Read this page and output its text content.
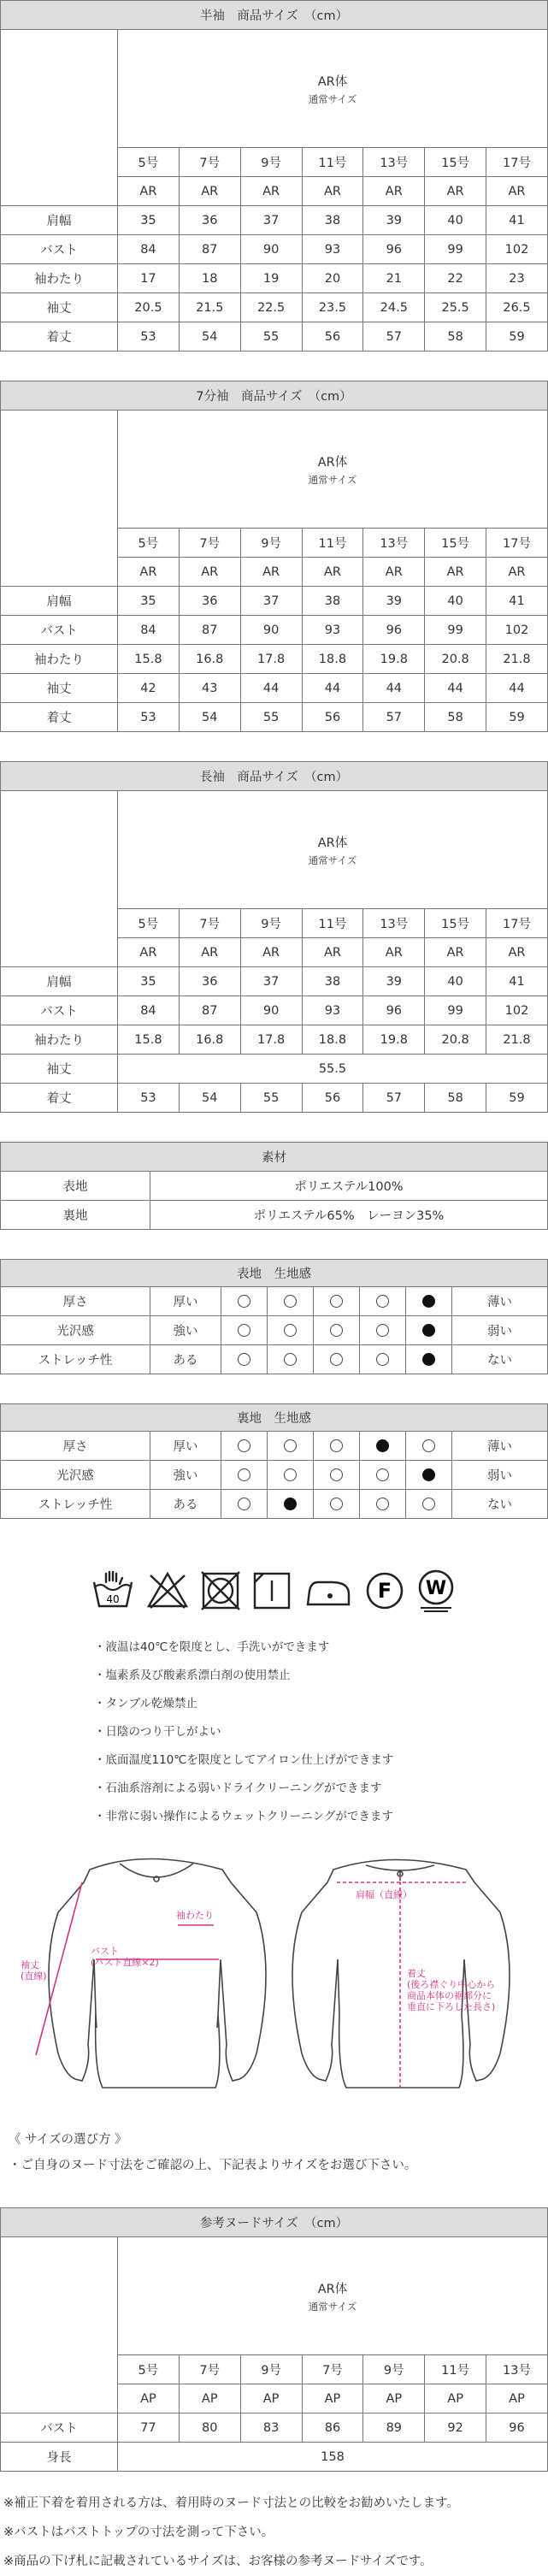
半袖　商品サイズ　（cm）							
	AR体
通常サイズ						

	5号	7号	9号	11号	13号	15号	17号
	AR	AR	AR	AR	AR	AR	AR
肩幅	35	36	37	38	39	40	41
バスト	84	87	90	93	96	99	102
袖わたり	17	18	19	20	21	22	23
袖丈	20.5	21.5	22.5	23.5	24.5	25.5	26.5
着丈	53	54	55	56	57	58	59
7分袖　商品サイズ　（cm）							
	AR体
通常サイズ						

	5号	7号	9号	11号	13号	15号	17号
	AR	AR	AR	AR	AR	AR	AR
肩幅	35	36	37	38	39	40	41
バスト	84	87	90	93	96	99	102
袖わたり	15.8	16.8	17.8	18.8	19.8	20.8	21.8
袖丈	42	43	44	44	44	44	44
着丈	53	54	55	56	57	58	59
長袖　商品サイズ　（cm）							
	AR体
通常サイズ						

	5号	7号	9号	11号	13号	15号	17号
	AR	AR	AR	AR	AR	AR	AR
肩幅	35	36	37	38	39	40	41
バスト	84	87	90	93	96	99	102
袖わたり	15.8	16.8	17.8	18.8	19.8	20.8	21.8
袖丈	55.5						
着丈	53	54	55	56	57	58	59
素材	
表地	ポリエステル100%
裏地	ポリエステル65%　レーヨン35%
表地　生地感							
厚さ	厚い						薄い
光沢感	強い						弱い
ストレッチ性	ある						ない
裏地　生地感							
厚さ	厚い						薄い
光沢感	強い						弱い
ストレッチ性	ある						ない
40	F W
・液温は40℃を限度とし、手洗いができます
・塩素系及び酸素系漂白剤の使用禁止
・タンブル乾燥禁止
・日陰のつり干しがよい
・底面温度110℃を限度としてアイロン仕上げができます
・石油系溶剤による弱いドライクリーニングができます
・非常に弱い操作によるウェットクリーニングができます
袖丈
(直線)
袖わたり
バスト
(バスト直線×2)
肩幅（直線）
着丈
(後ろ襟ぐり中心から
商品本体の裾部分に
垂直に下ろした長さ)
《 サイズの選び方 》
・ご自身のヌード寸法をご確認の上、下記表よりサイズをお選び下さい。
参考ヌードサイズ　（cm）							
	AR体
通常サイズ						

	5号	7号	9号	7号	9号	11号	13号
	AP	AP	AP	AP	AP	AP	AP
バスト	77	80	83	86	89	92	96
身長	158						
※補正下着を着用される方は、着用時のヌード寸法との比較をお勧めいたします。
※バストはバストトップの寸法を測って下さい。
※商品の下げ札に記載されているサイズは、お客様の参考ヌードサイズです。
